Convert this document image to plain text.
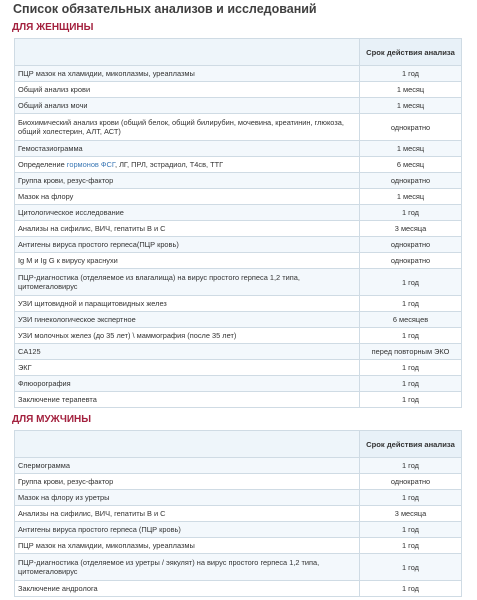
Список обязательных анализов и исследований
ДЛЯ ЖЕНЩИНЫ
	Срок действия анализа
ПЦР мазок на хламидии, микоплазмы, уреаплазмы	1 год
Общий анализ крови	1 месяц
Общий анализ мочи	1 месяц
Биохимический анализ крови (общий белок, общий билирубин, мочевина, креатинин, глюкоза, общий холестерин, АЛТ, АСТ)	однократно
Гемостазиограмма	1 месяц
Определение гормонов ФСГ, ЛГ, ПРЛ, эстрадиол, Т4св, ТТГ	6 месяц
Группа крови, резус-фактор	однократно
Мазок на флору	1 месяц
Цитологическое исследование	1 год
Анализы на сифилис, ВИЧ, гепатиты В и С	3 месяца
Антигены вируса простого герпеса(ПЦР кровь)	однократно
Ig M и Ig G к вирусу краснухи	однократно
ПЦР-диагностика (отделяемое из влагалища) на вирус простого герпеса 1,2 типа, цитомегаловирус	1 год
УЗИ щитовидной и паращитовидных желез	1 год
УЗИ гинекологическое экспертное	6 месяцев
УЗИ молочных желез (до 35 лет) \ маммография (после 35 лет)	1 год
CA125	перед повторным ЭКО
ЭКГ	1 год
Флюорография	1 год
Заключение терапевта	1 год
ДЛЯ МУЖЧИНЫ
	Срок действия анализа
Спермограмма	1 год
Группа крови, резус-фактор	однократно
Мазок на флору из уретры	1 год
Анализы на сифилис, ВИЧ, гепатиты В и С	3 месяца
Антигены вируса простого герпеса (ПЦР кровь)	1 год
ПЦР мазок на хламидии, микоплазмы, уреаплазмы	1 год
ПЦР-диагностика (отделяемое из уретры / эякулят) на вирус простого герпеса 1,2 типа, цитомегаловирус	1 год
Заключение андролога	1 год
